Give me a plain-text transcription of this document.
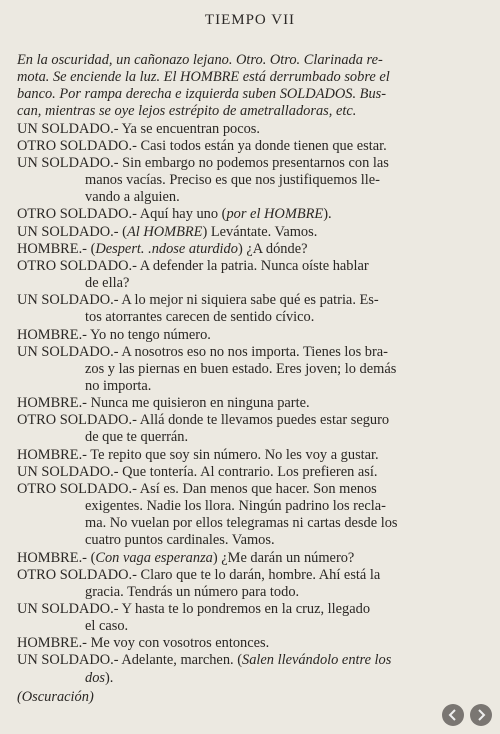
TIEMPO VII

En la oscuridad, un cañonazo lejano. Otro. Otro. Clarinada re-

mota. Se enciende la luz. El HOMBRE está derrumbado sobre el

banco. Por rampa derecha e izquierda suben SOLDADOS. Bus-

can, mientras se oye lejos estrépito de ametralladoras, etc.

UN SOLDADO.- Ya se encuentran pocos.

OTRO SOLDADO.- Casi todos están ya donde tienen que estar.

UN SOLDADO.- Sin embargo no podemos presentarnos con las

manos vacías. Preciso es que nos justifiquemos lle-

vando a alguien.

OTRO SOLDADO.- Aquí hay uno (por el HOMBRE).

UN SOLDADO.- (Al HOMBRE) Levántate. Vamos.

HOMBRE.- (Despert. .ndose aturdido) ¿A dónde?

OTRO SOLDADO.- A defender la patria. Nunca oíste hablar

de ella?

UN SOLDADO.- A lo mejor ni siquiera sabe qué es patria. Es-

tos atorrantes carecen de sentido cívico.

HOMBRE.- Yo no tengo número.

UN SOLDADO.- A nosotros eso no nos importa. Tienes los bra-

zos y las piernas en buen estado. Eres joven; lo demás

no importa.

HOMBRE.- Nunca me quisieron en ninguna parte.

OTRO SOLDADO.- Allá donde te llevamos puedes estar seguro

de que te querrán.

HOMBRE.- Te repito que soy sin número. No les voy a gustar.

UN SOLDADO.- Que tontería. Al contrario. Los prefieren así.

OTRO SOLDADO.- Así es. Dan menos que hacer. Son menos

exigentes. Nadie los llora. Ningún padrino los recla-

ma. No vuelan por ellos telegramas ni cartas desde los

cuatro puntos cardinales. Vamos.

HOMBRE.- (Con vaga esperanza) ¿Me darán un número?

OTRO SOLDADO.- Claro que te lo darán, hombre. Ahí está la

gracia. Tendrás un número para todo.

UN SOLDADO.- Y hasta te lo pondremos en la cruz, llegado

el caso.

HOMBRE.- Me voy con vosotros entonces.

UN SOLDADO.- Adelante, marchen. (Salen llevándolo entre los

dos).

(Oscuración)
